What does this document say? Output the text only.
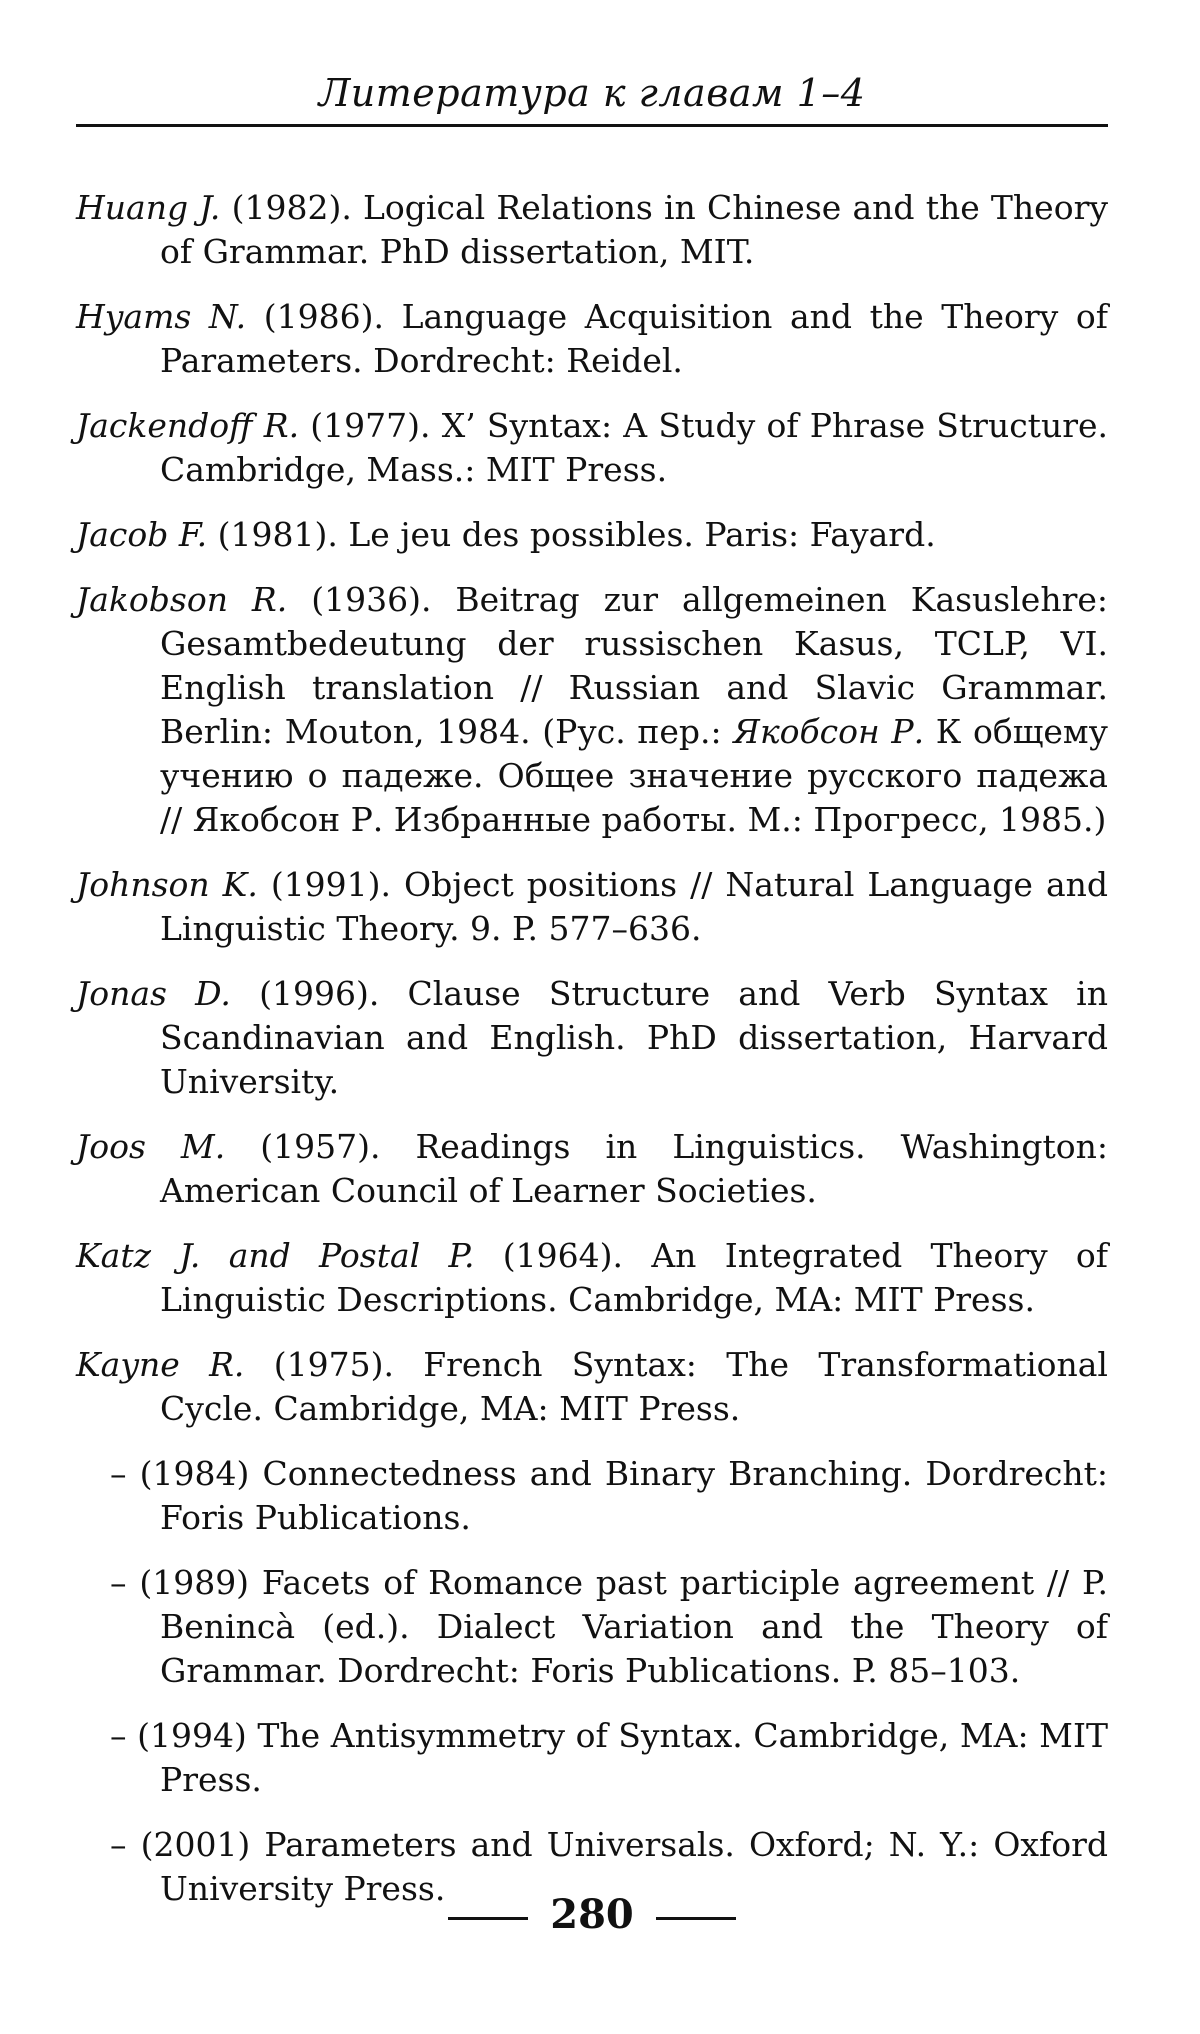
Литература к главам 1–4

Huang J. (1982). Logical Relations in Chinese and the Theory of Grammar. PhD dissertation, MIT.

Hyams N. (1986). Language Acquisition and the Theory of Parameters. Dordrecht: Reidel.

Jackendoff R. (1977). X’ Syntax: A Study of Phrase Structure. Cambridge, Mass.: MIT Press.

Jacob F. (1981). Le jeu des possibles. Paris: Fayard.

Jakobson R. (1936). Beitrag zur allgemeinen Kasuslehre: Gesamtbedeutung der russischen Kasus, TCLP, VI. English translation // Russian and Slavic Grammar. Berlin: Mouton, 1984. (Рус. пер.: Якобсон Р. К общему учению о падеже. Общее значение русского падежа // Якобсон Р. Избранные работы. М.: Прогресс, 1985.)

Johnson K. (1991). Object positions // Natural Language and Linguistic Theory. 9. P. 577–636.

Jonas D. (1996). Clause Structure and Verb Syntax in Scandinavian and English. PhD dissertation, Harvard University.

Joos M. (1957). Readings in Linguistics. Washington: American Council of Learner Societies.

Katz J. and Postal P. (1964). An Integrated Theory of Linguistic Descriptions. Cambridge, MA: MIT Press.

Kayne R. (1975). French Syntax: The Transformational Cycle. Cambridge, MA: MIT Press.

– (1984) Connectedness and Binary Branching. Dordrecht: Foris Publications.

– (1989) Facets of Romance past participle agreement // P. Benincà (ed.). Dialect Variation and the Theory of Grammar. Dordrecht: Foris Publications. P. 85–103.

– (1994) The Antisymmetry of Syntax. Cambridge, MA: MIT Press.

– (2001) Parameters and Universals. Oxford; N. Y.: Oxford University Press.

280
